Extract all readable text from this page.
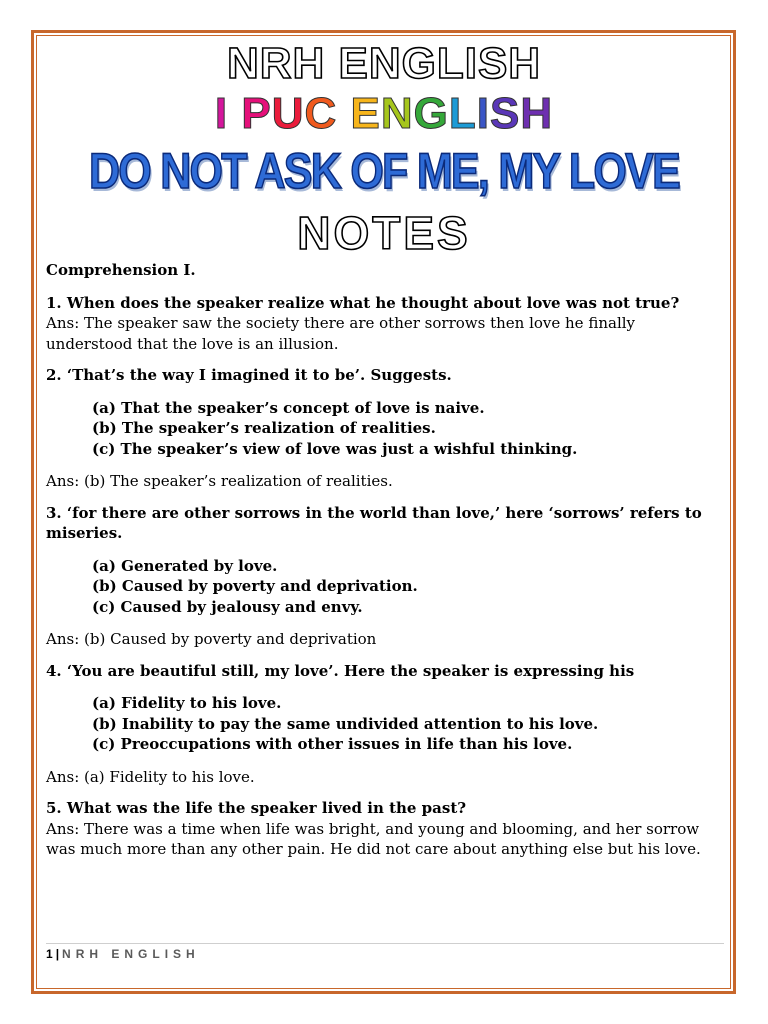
NRH ENGLISH
I PUC ENGLISH
DO NOT ASK OF ME, MY LOVE
NOTES

Comprehension I.

1. When does the speaker realize what he thought about love was not true?

Ans: The speaker saw the society there are other sorrows then love he finally understood that the love is an illusion.

2. ‘That’s the way I imagined it to be’. Suggests.

(a) That the speaker’s concept of love is naive.

(b) The speaker’s realization of realities.

(c) The speaker’s view of love was just a wishful thinking.

Ans: (b) The speaker’s realization of realities.

3. ‘for there are other sorrows in the world than love,’ here ‘sorrows’ refers to miseries.

(a) Generated by love.

(b) Caused by poverty and deprivation.

(c) Caused by jealousy and envy.

Ans: (b) Caused by poverty and deprivation

4. ‘You are beautiful still, my love’. Here the speaker is expressing his

(a) Fidelity to his love.

(b) Inability to pay the same undivided attention to his love.

(c) Preoccupations with other issues in life than his love.

Ans: (a) Fidelity to his love.

5. What was the life the speaker lived in the past?

Ans: There was a time when life was bright, and young and blooming, and her sorrow was much more than any other pain. He did not care about anything else but his love.

1 | NRH ENGLISH
